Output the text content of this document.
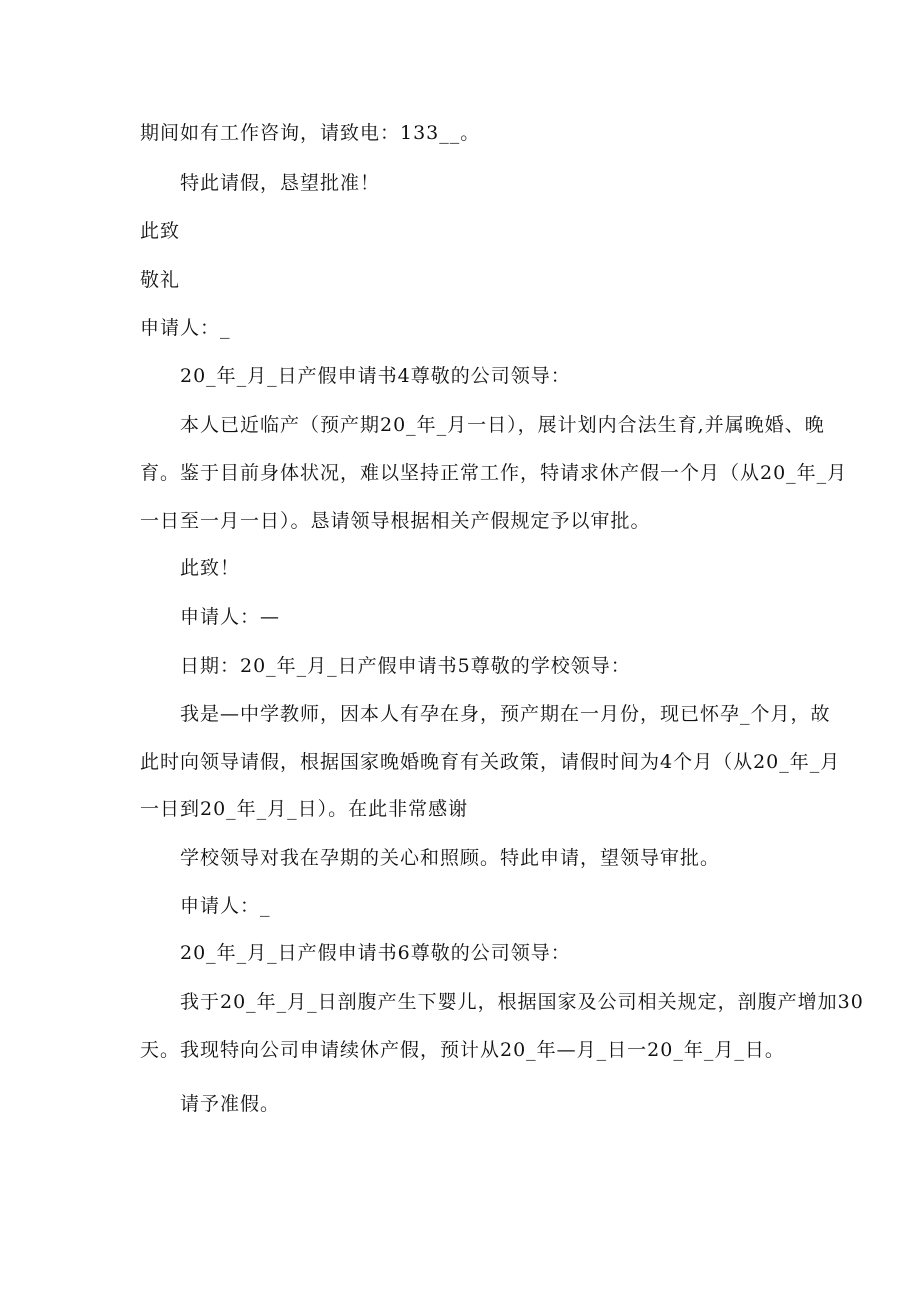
期间如有工作咨询，请致电：133__。
特此请假，恳望批准！
此致
敬礼
申请人：_
20_年_月_日产假申请书4尊敬的公司领导：
本人已近临产（预产期20_年_月一日），展计划内合法生育,并属晚婚、晚
育。鉴于目前身体状况，难以坚持正常工作，特请求休产假一个月（从20_年_月
一日至一月一日）。恳请领导根据相关产假规定予以审批。
此致！
申请人：—
日期：20_年_月_日产假申请书5尊敬的学校领导：
我是—中学教师，因本人有孕在身，预产期在一月份，现已怀孕_个月，故
此时向领导请假，根据国家晚婚晚育有关政策，请假时间为4个月（从20_年_月
一日到20_年_月_日）。在此非常感谢
学校领导对我在孕期的关心和照顾。特此申请，望领导审批。
申请人：_
20_年_月_日产假申请书6尊敬的公司领导：
我于20_年_月_日剖腹产生下婴儿，根据国家及公司相关规定，剖腹产增加30
天。我现特向公司申请续休产假，预计从20_年—月_日一20_年_月_日。
请予准假。
